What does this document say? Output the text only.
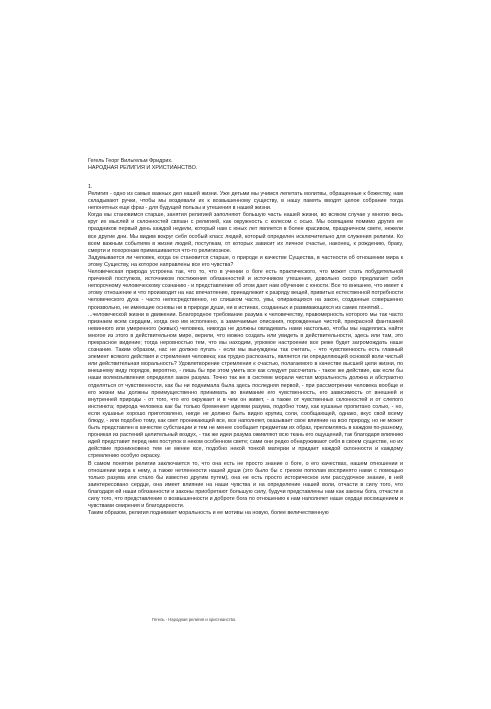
Гегель Георг Вильгельм Фридрих.
НАРОДНАЯ РЕЛИГИЯ И ХРИСТИАНСТВО.
1.

Религия - одно из самых важных дел нашей жизни. Уже детьми мы учимся лепетать молитвы, обращенные к божеству, нам складывают ручки, чтобы мы воздевали их к возвышенному существу, в нашу память вводят целое собрание тогда непонятных еще фраз - для будущей пользы и утешения в нашей жизни.

Когда мы становимся старше, занятия религией заполняют большую часть нашей жизни, во всяком случае у многих весь круг их мыслей и склонностей связан с религией, как окружность с колесом с осью. Мы освящаем помимо других ее праздников первый день каждой недели, который нам с юных лет является в более красивом, праздничном свете, нежели все другие дни. Мы видим вокруг себя особый класс людей, который определен исключительно для служения религии. Ко всем важным событиям в жизни людей, поступкам, от которых зависит их личное счастье, наконец, к рождению, браку, смерти и похоронам примешивается что-то религиозное.

Задумывается ли человек, когда он становится старше, о природе и качестве Существа, в частности об отношении мира к этому Существу, на которое направлены все его чувства?

Человеческая природа устроена так, что то, что в учении о боге есть практического, что может стать побудительной причиной поступков, источником постижения обязанностей и источником утешения, довольно скоро предлагает себя непорочному человеческому сознанию - и представление об этом дает нам обучение с юности. Все то внешнее, что имеет к этому отношение и что производит на нас впечатление, принадлежит к разряду вещей, привитых естественной потребности человеческого духа - часто непосредственно, но слишком часто, увы, опирающихся на закон, созданные совершенно произвольно, не имеющие основы ни в природе души, ни в истинах, созданных и развивающихся из самих понятий...

...человеческой жизни в движении. Благородное требование разума к человечеству, правомерность которого мы так часто признаем всем сердцем, когда оно им исполнено, а замечаемые описания, порожденные чистой, прекрасной фантазией невинного или умеренного (живых) человека, никогда не должны овладевать нами настолько, чтобы мы надеялись найти многое из этого в действительном мире, верили, что можно создать или увидеть в действительности, здесь или там, это прекрасное видение; тогда неровностью тем, что мы находим, угрюмое настроение все реже будет загромождать наше сознание. Таким образом, нас не должно пугать - если мы вынуждены так считать, - что чувственность есть главный элемент всякого действия и стремления человека; как трудно распознать, является ли определяющей основой воли чистый или действительная моральность? Удовлетворение стремления к счастью, полагаемого в качестве высшей цели жизни, по внешнему виду порядок, вероятно, - лишь бы при этом уметь все как следует рассчитать - такое же действие, как если бы наши волеизъявления определял закон разума. Точно так же в системе морали чистая моральность должна и абстрактно отделяться от чувственности, как бы ни поднимала была здесь последняя первой, - при рассмотрении человека вообще и его жизни мы должны преимущественно принимать во внимание его чувственность, его зависимость от внешней и внутренней природы - от того, что его окружает и в чем он живет, - а также от чувственных склонностей и от слепого инстинкта; природа человека как бы только бременеет идеями разума, подобно тому, как кушанье пропитано солью, - но, если кушанье хорошо приготовлено, нигде не должно быть видно крупиц соли, сообщающей, однако, вкус свой всему блюду, - или подобно тому, как свет проникающий все, все наполняет, оказывает свое влияние на всю природу, но не может быть представлен в качестве субстанции и тем не менее сообщает предметам их образ, преломляясь в каждом по-разному, проникая из растений целительный воздух, - так же идеи разума оживляют всю ткань его ощущений, так благодаря влиянию идей представит перед ним поступок в неком особенном свете; сами они редко обнаруживают себя в своем существе, но их действие проникновено тем не менее все, подобно некой тонкой материи и придает каждой склонности и каждому стремлению особую окраску.

В самом понятии религии заключается то, что она есть не просто знание о боге, о его качествах, нашем отношении и отношении мира к нему, а также нетленности нашей души (это было бы с грехом пополам воспринято нами с помощью только разума или стало бы известно другим путем), она не есть просто историческое или рассудочное знание, в ней заинтересовано сердце, она имеет влияние на наши чувства и на определение нашей воли, отчасти в силу того, что благодаря ей наши обязанности и законы приобретают большую силу, будучи представлены нам как законы бога, отчасти в силу того, что представление о возвышенности и доброте бога по отношению к нам наполняет наше сердце восхищением и чувствами смирения и благодарности.

Таким образом, религия поднимает моральность и ее мотивы на новую, более величественную

Гегель · Народная религия и христианство.
